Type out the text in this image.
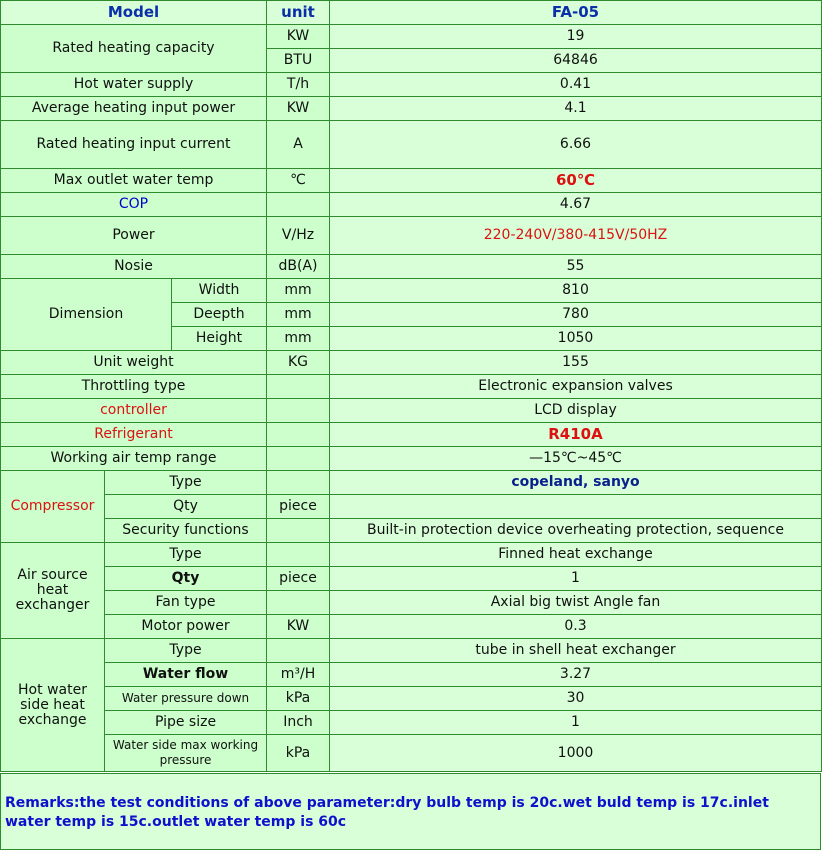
Model			unit	FA-05
Rated heating capacity			KW	19
			BTU	64846
Hot water supply			T/h	0.41
Average heating input power			KW	4.1
Rated heating input current			A	6.66
Max outlet water temp			℃	60℃
COP				4.67
Power			V/Hz	220-240V/380-415V/50HZ
Nosie			dB(A)	55
Dimension		Width	mm	810
		Deepth	mm	780
		Height	mm	1050
Unit weight			KG	155
Throttling type				Electronic expansion valves
controller				LCD display
Refrigerant				R410A
Working air temp range				—15℃~45℃
Compressor	Type			copeland, sanyo
	Qty		piece	
	Security functions			Built-in protection device overheating protection, sequence
Air source heat exchanger	Type			Finned heat exchange
	Qty		piece	1
	Fan type			Axial big twist Angle fan
	Motor power		KW	0.3
Hot water side heat exchange	Type			tube in shell heat exchanger
	Water flow		m³/H	3.27
	Water pressure down		kPa	30
	Pipe size		Inch	1
	Water side max working pressure		kPa	1000

Remarks:the test conditions of above parameter:dry bulb temp is 20c.wet buld temp is 17c.inlet water temp is 15c.outlet water temp is 60c
